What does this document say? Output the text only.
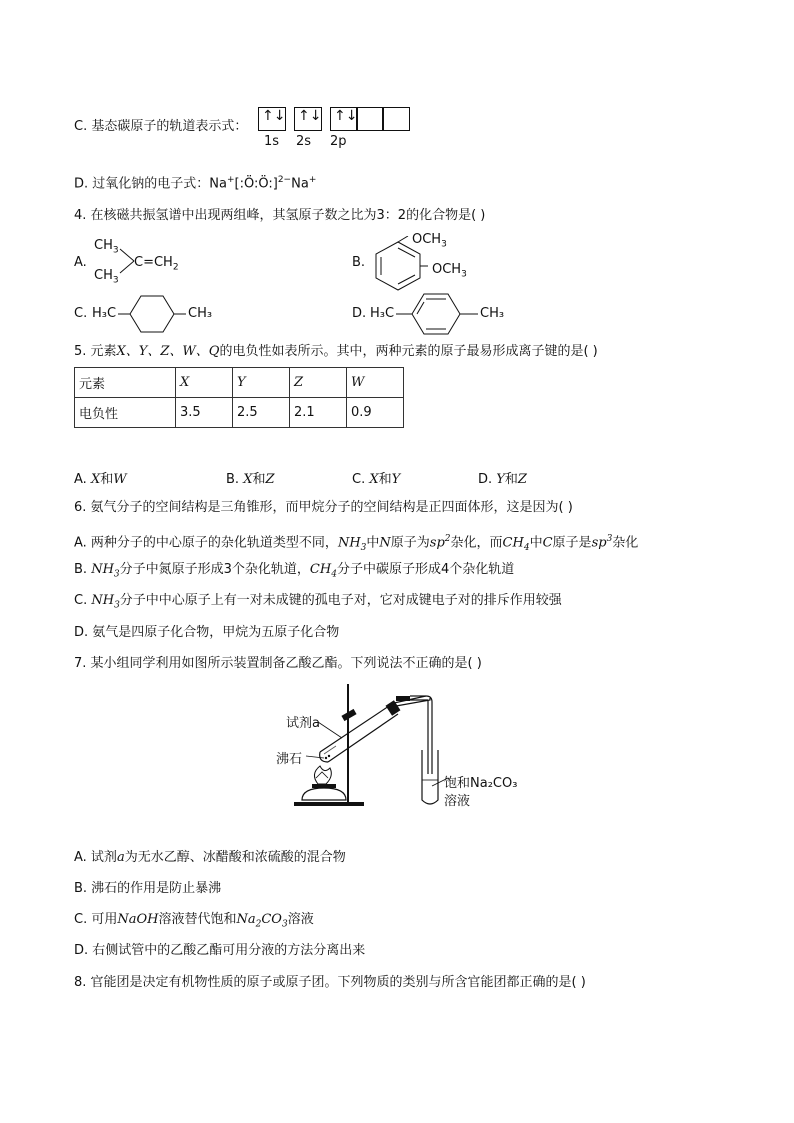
C. 基态碳原子的轨道表示式：
↑↓ ↑↓ ↑↓
1s 2s 2p
D. 过氧化钠的电子式：Na+[:Ö:Ö:]$^{2-}$Na+
4. 在核磁共振氢谱中出现两组峰，其氢原子数之比为3：2的化合物是( )
A.
$CH_3$
$CH_3$
$C=CH_2$	B.
$OCH_3$
$OCH_3$
C. H₃C	CH₃	D. H₃C	CH₃
5. 元素X、Y、Z、W、Q的电负性如表所示。其中，两种元素的原子最易形成离子键的是( )
元素	X	Y	Z	W
电负性	3.5	2.5	2.1	0.9
A. X和W	B. X和Z	C. X和Y	D. Y和Z
6. 氨气分子的空间结构是三角锥形，而甲烷分子的空间结构是正四面体形，这是因为( )
A. 两种分子的中心原子的杂化轨道类型不同，$NH_3$中N原子为$sp^2$杂化，而$CH_4$中C原子是$sp^3$杂化
B. $NH_3$分子中氮原子形成3个杂化轨道，$CH_4$分子中碳原子形成4个杂化轨道
C. $NH_3$分子中中心原子上有一对未成键的孤电子对，它对成键电子对的排斥作用较强
D. 氨气是四原子化合物，甲烷为五原子化合物
7. 某小组同学利用如图所示装置制备乙酸乙酯。下列说法不正确的是( )
试剂a
沸石
饱和Na₂CO₃
溶液
A. 试剂a为无水乙醇、冰醋酸和浓硫酸的混合物
B. 沸石的作用是防止暴沸
C. 可用NaOH溶液替代饱和$Na_2CO_3$溶液
D. 右侧试管中的乙酸乙酯可用分液的方法分离出来
8. 官能团是决定有机物性质的原子或原子团。下列物质的类别与所含官能团都正确的是( )
